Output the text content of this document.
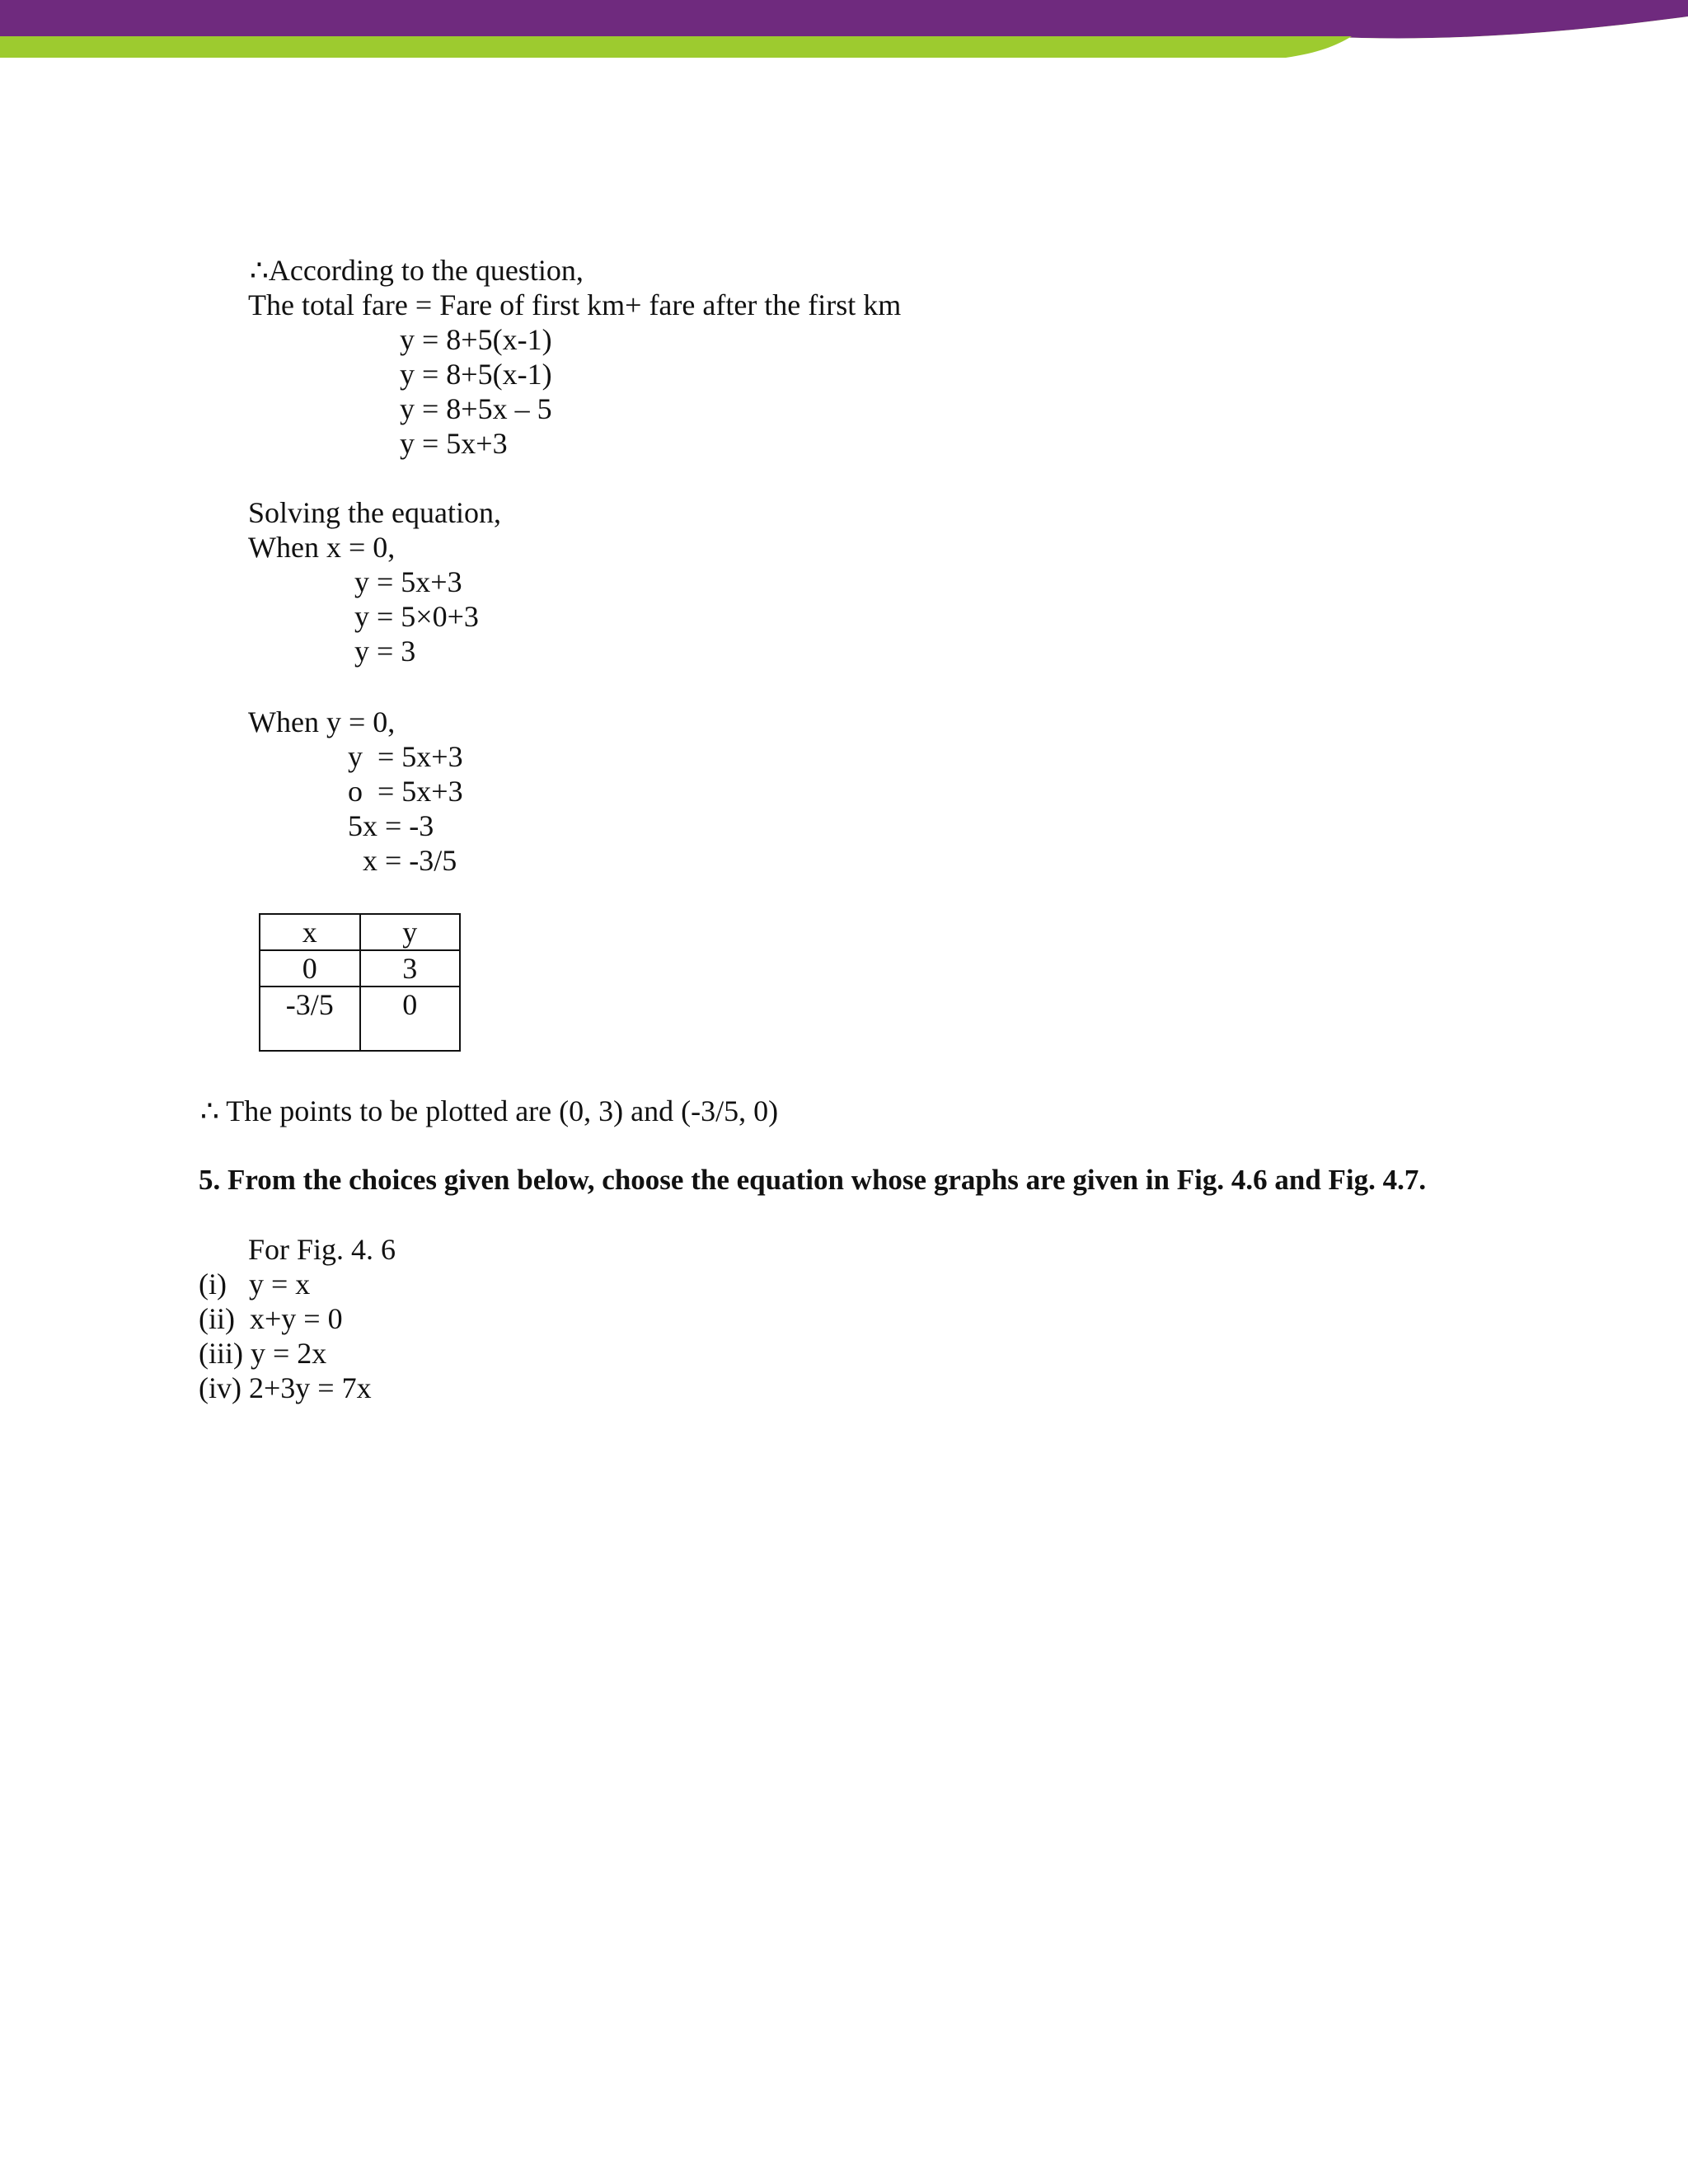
∴According to the question,
The total fare = Fare of first km+ fare after the first km
y = 8+5(x-1)
y = 8+5(x-1)
y = 8+5x – 5
y = 5x+3
Solving the equation,
When x = 0,
y = 5x+3
y = 5×0+3
y = 3
When y = 0,
y  = 5x+3
o  = 5x+3
5x = -3
x = -3/5
x	y
0	3
-3/5	0
∴ The points to be plotted are (0, 3) and (-3/5, 0)
5. From the choices given below, choose the equation whose graphs are given in Fig. 4.6 and Fig. 4.7.
For Fig. 4. 6
(i)   y = x
(ii)  x+y = 0
(iii) y = 2x
(iv) 2+3y = 7x
